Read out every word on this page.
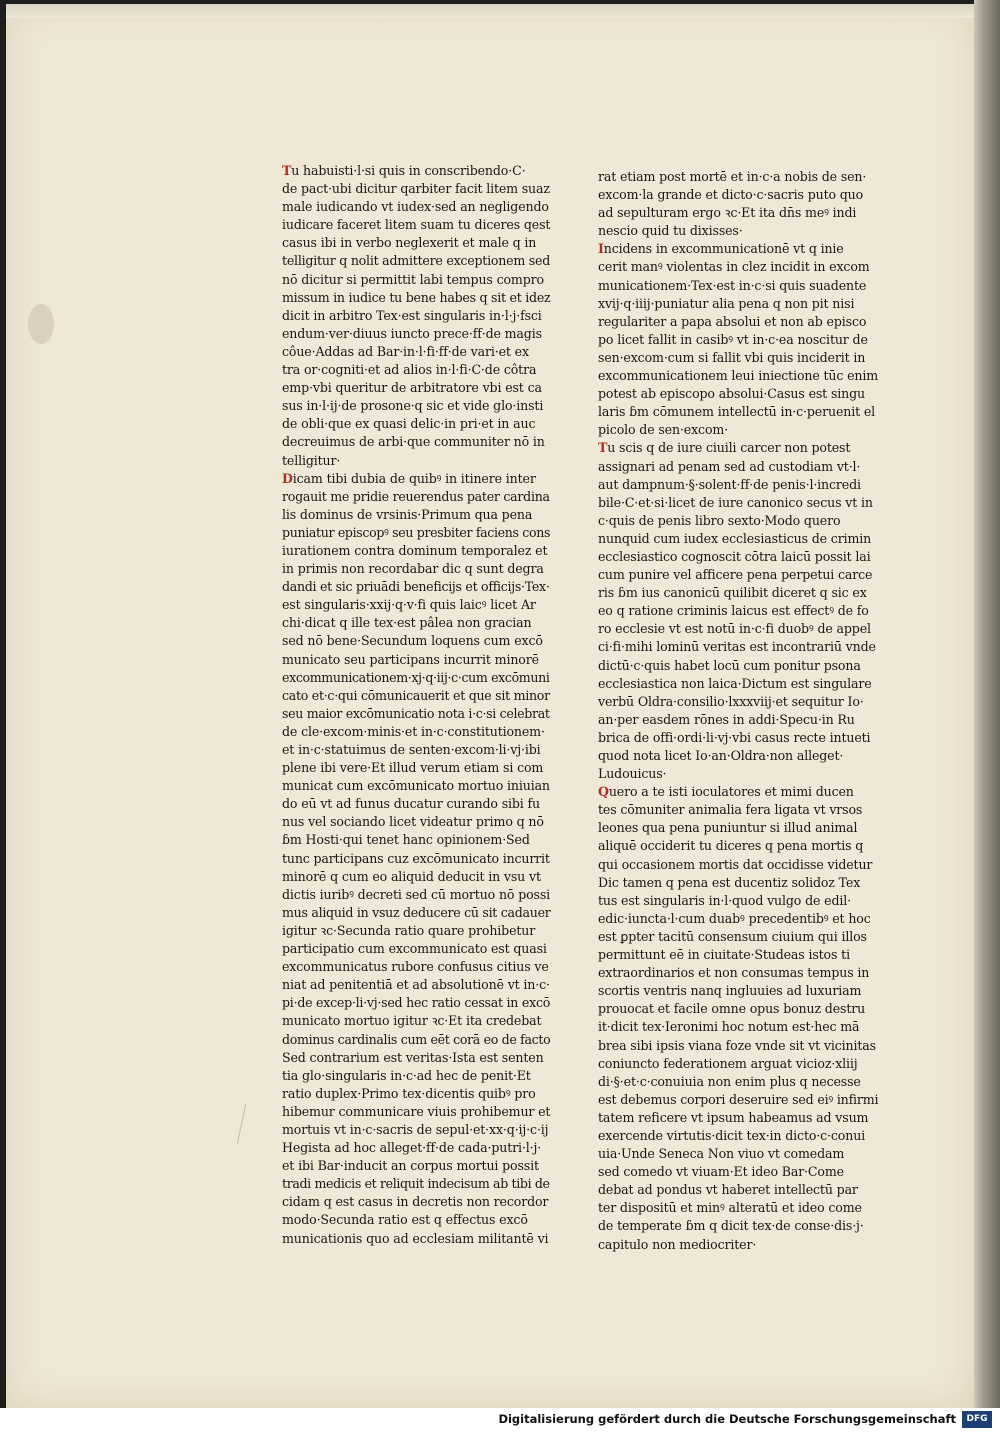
Tu habuisti·l·si quis in conscribendo·C·
de pact·ubi dicitur qarbiter facit litem suaz
male iudicando vt iudex·sed an negligendo
iudicare faceret litem suam tu diceres qest
casus ibi in verbo neglexerit et male q in
telligitur q nolit admittere exceptionem sed
nō dicitur si permittit labi tempus compro
missum in iudice tu bene habes q sit et idez
dicit in arbitro Tex·est singularis in·l·j·fsci
endum·ver·diuus iuncto prece·ff·de magis
côue·Addas ad Bar·in·l·fi·ff·de vari·et ex
tra or·cogniti·et ad alios in·l·fi·C·de côtra
emp·vbi queritur de arbitratore vbi est ca
sus in·l·ij·de prosone·q sic et vide glo·insti
de obli·que ex quasi delic·in pri·et in auc
decreuimus de arbi·que communiter nō in
telligitur·
Dicam tibi dubia de quibꝰ in itinere inter
rogauit me pridie reuerendus pater cardina
lis dominus de vrsinis·Primum qua pena
puniatur episcopꝰ seu presbiter faciens cons
iurationem contra dominum temporalez et
in primis non recordabar dic q sunt degra
dandi et sic priuādi beneficijs et officijs·Tex·
est singularis·xxij·q·v·fi quis laicꝰ licet Ar
chi·dicat q ille tex·est pâlea non gracian
sed nō bene·Secundum loquens cum excō
municato seu participans incurrit minorē
excommunicationem·xj·q·iij·c·cum excōmuni
cato et·c·qui cōmunicauerit et que sit minor
seu maior excōmunicatio nota i·c·si celebrat
de cle·excom·minis·et in·c·constitutionem·
et in·c·statuimus de senten·excom·li·vj·ibi
plene ibi vere·Et illud verum etiam si com
municat cum excōmunicato mortuo iniuian
do eū vt ad funus ducatur curando sibi fu
nus vel sociando licet videatur primo q nō
ɓm Hosti·qui tenet hanc opinionem·Sed
tunc participans cuz excōmunicato incurrit
minorē q cum eo aliquid deducit in vsu vt
dictis iuribꝰ decreti sed cū mortuo nō possi
mus aliquid in vsuz deducere cū sit cadauer
igitur ꝛc·Secunda ratio quare prohibetur
participatio cum excommunicato est quasi
excommunicatus rubore confusus citius ve
niat ad penitentiā et ad absolutionē vt in·c·
pi·de excep·li·vj·sed hec ratio cessat in excō
municato mortuo igitur ꝛc·Et ita credebat
dominus cardinalis cum eēt corā eo de facto
Sed contrarium est veritas·Ista est senten
tia glo·singularis in·c·ad hec de penit·Et
ratio duplex·Primo tex·dicentis quibꝰ pro
hibemur communicare viuis prohibemur et
mortuis vt in·c·sacris de sepul·et·xx·q·ij·c·ij
Hegista ad hoc alleget·ff·de cada·putri·l·j·
et ibi Bar·inducit an corpus mortui possit
tradi medicis et reliquit indecisum ab tibi de
cidam q est casus in decretis non recordor
modo·Secunda ratio est q effectus excō
municationis quo ad ecclesiam militantē vi
rat etiam post mortē et in·c·a nobis de sen·
excom·la grande et dicto·c·sacris puto quo
ad sepulturam ergo ꝛc·Et ita dn̄s meꝰ indi
nescio quid tu dixisses·
Incidens in excommunicationē vt q inie
cerit manꝰ violentas in clez incidit in excom
municationem·Tex·est in·c·si quis suadente
xvij·q·iiij·puniatur alia pena q non pit nisi
regulariter a papa absolui et non ab episco
po licet fallit in casibꝰ vt in·c·ea noscitur de
sen·excom·cum si fallit vbi quis inciderit in
excommunicationem leui iniectione tūc enim
potest ab episcopo absolui·Casus est singu
laris ɓm cōmunem intellectū in·c·peruenit el
picolo de sen·excom·
Tu scis q de iure ciuili carcer non potest
assignari ad penam sed ad custodiam vt·l·
aut dampnum·§·solent·ff·de penis·l·incredi
bile·C·et·si·licet de iure canonico secus vt in
c·quis de penis libro sexto·Modo quero
nunquid cum iudex ecclesiasticus de crimin
ecclesiastico cognoscit cōtra laicū possit lai
cum punire vel afficere pena perpetui carce
ris ɓm ius canonicū quilibit diceret q sic ex
eo q ratione criminis laicus est effectꝰ de fo
ro ecclesie vt est notū in·c·fi duobꝰ de appel
ci·fi·mihi lominū veritas est incontrariū vnde
dictū·c·quis habet locū cum ponitur psona
ecclesiastica non laica·Dictum est singulare
verbū Oldra·consilio·lxxxviij·et sequitur Io·
an·per easdem rōnes in addi·Specu·in Ru
brica de offi·ordi·li·vj·vbi casus recte intueti
quod nota licet Io·an·Oldra·non alleget·
Ludouicus·
Quero a te isti ioculatores et mimi ducen
tes cōmuniter animalia fera ligata vt vrsos
leones qua pena puniuntur si illud animal
aliquē occiderit tu diceres q pena mortis q
qui occasionem mortis dat occidisse videtur
Dic tamen q pena est ducentiz solidoz Tex
tus est singularis in·l·quod vulgo de edil·
edic·iuncta·l·cum duabꝰ precedentibꝰ et hoc
est ꝑpter tacitū consensum ciuium qui illos
permittunt eē in ciuitate·Studeas istos ti
extraordinarios et non consumas tempus in
scortis ventris nanq ingluuies ad luxuriam
prouocat et facile omne opus bonuz destru
it·dicit tex·Ieronimi hoc notum est·hec mā
brea sibi ipsis viana foze vnde sit vt vicinitas
coniuncto federationem arguat vicioz·xliij
di·§·et·c·conuiuia non enim plus q necesse
est debemus corpori deseruire sed eiꝰ infirmi
tatem reficere vt ipsum habeamus ad vsum
exercende virtutis·dicit tex·in dicto·c·conui
uia·Unde Seneca Non viuo vt comedam
sed comedo vt viuam·Et ideo Bar·Come
debat ad pondus vt haberet intellectū par
ter dispositū et minꝰ alteratū et ideo come
de temperate ɓm q dicit tex·de conse·dis·j·
capitulo non mediocriter·
Digitalisierung gefördert durch die Deutsche Forschungsgemeinschaft	DFG
